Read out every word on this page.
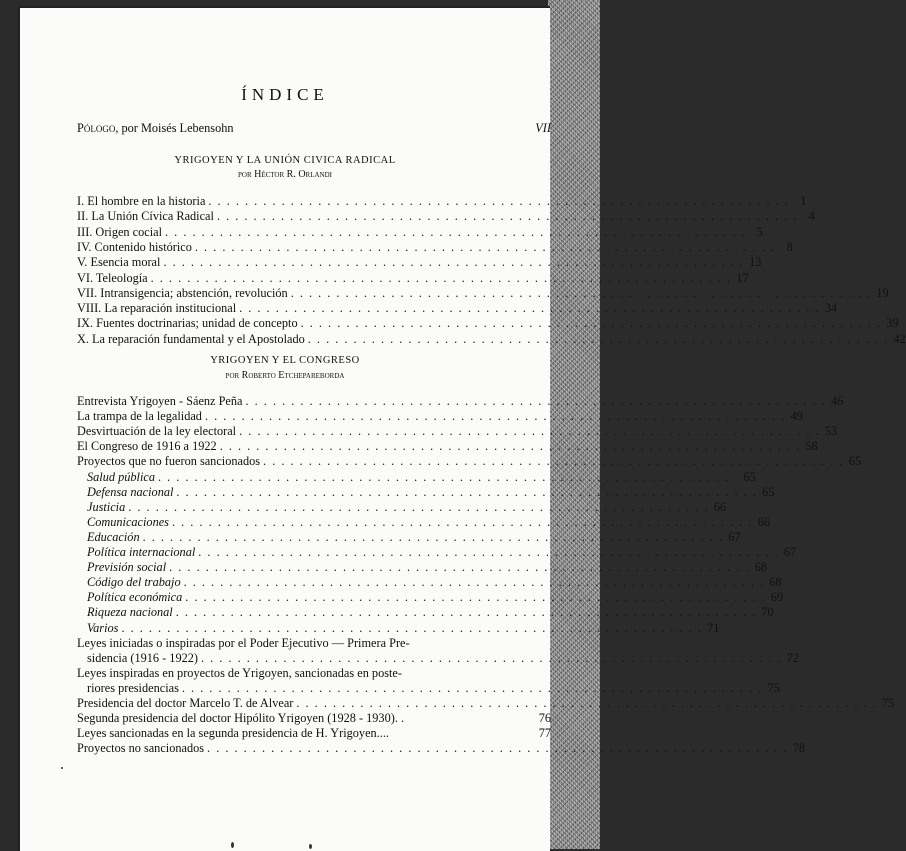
ÍNDICE
Pólogo, por Moisés Lebensohn	VII
YRIGOYEN Y LA UNIÓN CIVICA RADICAL
por Héctor R. Orlandi
I. El hombre en la historia . . . . . . . . . . . . . . . . . . . . . . . . . . . . . . . . . . . . . . . . . . . . . . . . . . . . . . . . . . . . . . . . 1
II. La Unión Cívica Radical . . . . . . . . . . . . . . . . . . . . . . . . . . . . . . . . . . . . . . . . . . . . . . . . . . . . . . . . . . . . . . . . 4
III. Origen cocial . . . . . . . . . . . . . . . . . . . . . . . . . . . . . . . . . . . . . . . . . . . . . . . . . . . . . . . . . . . . . . . . 5
IV. Contenido histórico . . . . . . . . . . . . . . . . . . . . . . . . . . . . . . . . . . . . . . . . . . . . . . . . . . . . . . . . . . . . . . . . 8
V. Esencia moral . . . . . . . . . . . . . . . . . . . . . . . . . . . . . . . . . . . . . . . . . . . . . . . . . . . . . . . . . . . . . . . . 13
VI. Teleología . . . . . . . . . . . . . . . . . . . . . . . . . . . . . . . . . . . . . . . . . . . . . . . . . . . . . . . . . . . . . . . . 17
VII. Intransigencia; abstención, revolución . . . . . . . . . . . . . . . . . . . . . . . . . . . . . . . . . . . . . . . . . . . . . . . . . . . . . . . . . . . . . . . . 19
VIII. La reparación institucional . . . . . . . . . . . . . . . . . . . . . . . . . . . . . . . . . . . . . . . . . . . . . . . . . . . . . . . . . . . . . . . . 34
IX. Fuentes doctrinarias; unidad de concepto . . . . . . . . . . . . . . . . . . . . . . . . . . . . . . . . . . . . . . . . . . . . . . . . . . . . . . . . . . . . . . . . 39
X. La reparación fundamental y el Apostolado . . . . . . . . . . . . . . . . . . . . . . . . . . . . . . . . . . . . . . . . . . . . . . . . . . . . . . . . . . . . . . . . 42
YRIGOYEN Y EL CONGRESO
por Roberto Etchepareborda
Entrevista Yrigoyen - Sáenz Peña . . . . . . . . . . . . . . . . . . . . . . . . . . . . . . . . . . . . . . . . . . . . . . . . . . . . . . . . . . . . . . . . 46
La trampa de la legalidad . . . . . . . . . . . . . . . . . . . . . . . . . . . . . . . . . . . . . . . . . . . . . . . . . . . . . . . . . . . . . . . . 49
Desvirtuación de la ley electoral . . . . . . . . . . . . . . . . . . . . . . . . . . . . . . . . . . . . . . . . . . . . . . . . . . . . . . . . . . . . . . . . 53
El Congreso de 1916 a 1922 . . . . . . . . . . . . . . . . . . . . . . . . . . . . . . . . . . . . . . . . . . . . . . . . . . . . . . . . . . . . . . . . 58
Proyectos que no fueron sancionados . . . . . . . . . . . . . . . . . . . . . . . . . . . . . . . . . . . . . . . . . . . . . . . . . . . . . . . . . . . . . . . . 65
Salud pública . . . . . . . . . . . . . . . . . . . . . . . . . . . . . . . . . . . . . . . . . . . . . . . . . . . . . . . . . . . . . . . . 65
Defensa nacional . . . . . . . . . . . . . . . . . . . . . . . . . . . . . . . . . . . . . . . . . . . . . . . . . . . . . . . . . . . . . . . . 65
Justicia . . . . . . . . . . . . . . . . . . . . . . . . . . . . . . . . . . . . . . . . . . . . . . . . . . . . . . . . . . . . . . . . 66
Comunicaciones . . . . . . . . . . . . . . . . . . . . . . . . . . . . . . . . . . . . . . . . . . . . . . . . . . . . . . . . . . . . . . . . 66
Educación . . . . . . . . . . . . . . . . . . . . . . . . . . . . . . . . . . . . . . . . . . . . . . . . . . . . . . . . . . . . . . . . 67
Política internacional . . . . . . . . . . . . . . . . . . . . . . . . . . . . . . . . . . . . . . . . . . . . . . . . . . . . . . . . . . . . . . . . 67
Previsión social . . . . . . . . . . . . . . . . . . . . . . . . . . . . . . . . . . . . . . . . . . . . . . . . . . . . . . . . . . . . . . . . 68
Código del trabajo . . . . . . . . . . . . . . . . . . . . . . . . . . . . . . . . . . . . . . . . . . . . . . . . . . . . . . . . . . . . . . . . 68
Política económica . . . . . . . . . . . . . . . . . . . . . . . . . . . . . . . . . . . . . . . . . . . . . . . . . . . . . . . . . . . . . . . . 69
Riqueza nacional . . . . . . . . . . . . . . . . . . . . . . . . . . . . . . . . . . . . . . . . . . . . . . . . . . . . . . . . . . . . . . . . 70
Varios . . . . . . . . . . . . . . . . . . . . . . . . . . . . . . . . . . . . . . . . . . . . . . . . . . . . . . . . . . . . . . . . 71
Leyes iniciadas o inspiradas por el Poder Ejecutivo — Primera Pre-
sidencia (1916 - 1922) . . . . . . . . . . . . . . . . . . . . . . . . . . . . . . . . . . . . . . . . . . . . . . . . . . . . . . . . . . . . . . . . 72
Leyes inspiradas en proyectos de Yrigoyen, sancionadas en poste-
riores presidencias . . . . . . . . . . . . . . . . . . . . . . . . . . . . . . . . . . . . . . . . . . . . . . . . . . . . . . . . . . . . . . . . 75
Presidencia del doctor Marcelo T. de Alvear . . . . . . . . . . . . . . . . . . . . . . . . . . . . . . . . . . . . . . . . . . . . . . . . . . . . . . . . . . . . . . . . 75
Segunda presidencia del doctor Hipólito Yrigoyen (1928 - 1930). .	76
Leyes sancionadas en la segunda presidencia de H. Yrigoyen....	77
Proyectos no sancionados . . . . . . . . . . . . . . . . . . . . . . . . . . . . . . . . . . . . . . . . . . . . . . . . . . . . . . . . . . . . . . . . 78
